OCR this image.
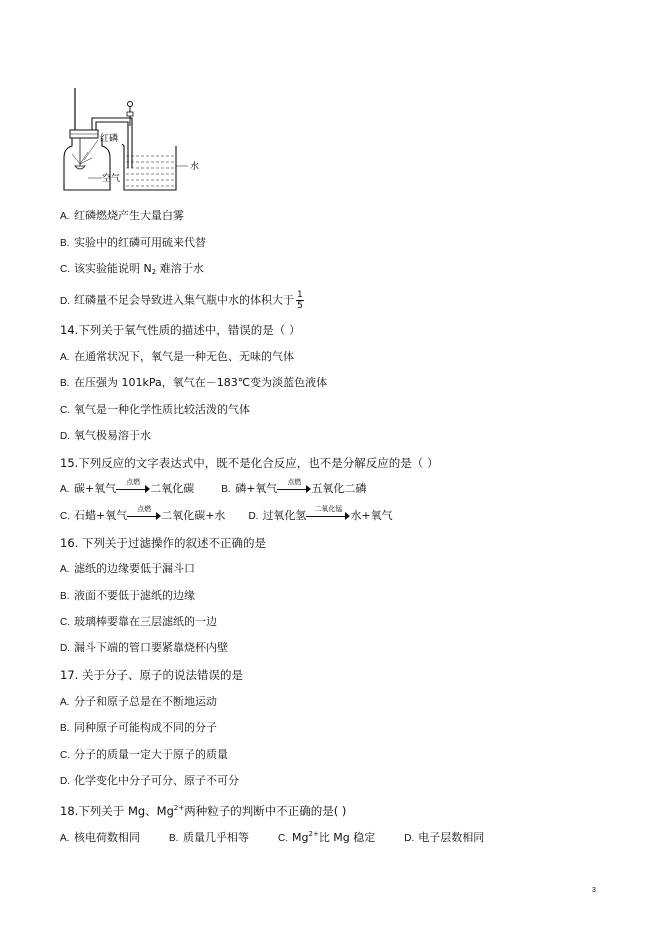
红磷
空气
水
A. 红磷燃烧产生大量白雾
B. 实验中的红磷可用硫来代替
C. 该实验能说明 $N_2$ 难溶于水
D. 红磷量不足会导致进入集气瓶中水的体积大于 $\frac{1}{5}$
14.下列关于氧气性质的描述中，错误的是（ ）
A. 在通常状况下，氧气是一种无色、无味的气体
B. 在压强为 101kPa，氧气在－183℃变为淡蓝色液体
C. 氧气是一种化学性质比较活泼的气体
D. 氧气极易溶于水
15.下列反应的文字表达式中，既不是化合反应，也不是分解反应的是（ ）
A. 碳+氧气	点燃 二氧化碳	B. 磷+氧气	点燃 五氧化二磷
C. 石蜡+氧气	点燃 二氧化碳+水 D. 过氧化氢	二氧化锰 水+氧气
16. 下列关于过滤操作的叙述不正确的是
A. 滤纸的边缘要低于漏斗口
B. 液面不要低于滤纸的边缘
C. 玻璃棒要靠在三层滤纸的一边
D. 漏斗下端的管口要紧靠烧杯内壁
17. 关于分子、原子的说法错误的是
A. 分子和原子总是在不断地运动
B. 同种原子可能构成不同的分子
C. 分子的质量一定大于原子的质量
D. 化学变化中分子可分、原子不可分
18.下列关于 Mg、$Mg^{2+}$两种粒子的判断中不正确的是( )
A. 核电荷数相同	B. 质量几乎相等	C. $Mg^{2+}$比 Mg 稳定	D. 电子层数相同
3
